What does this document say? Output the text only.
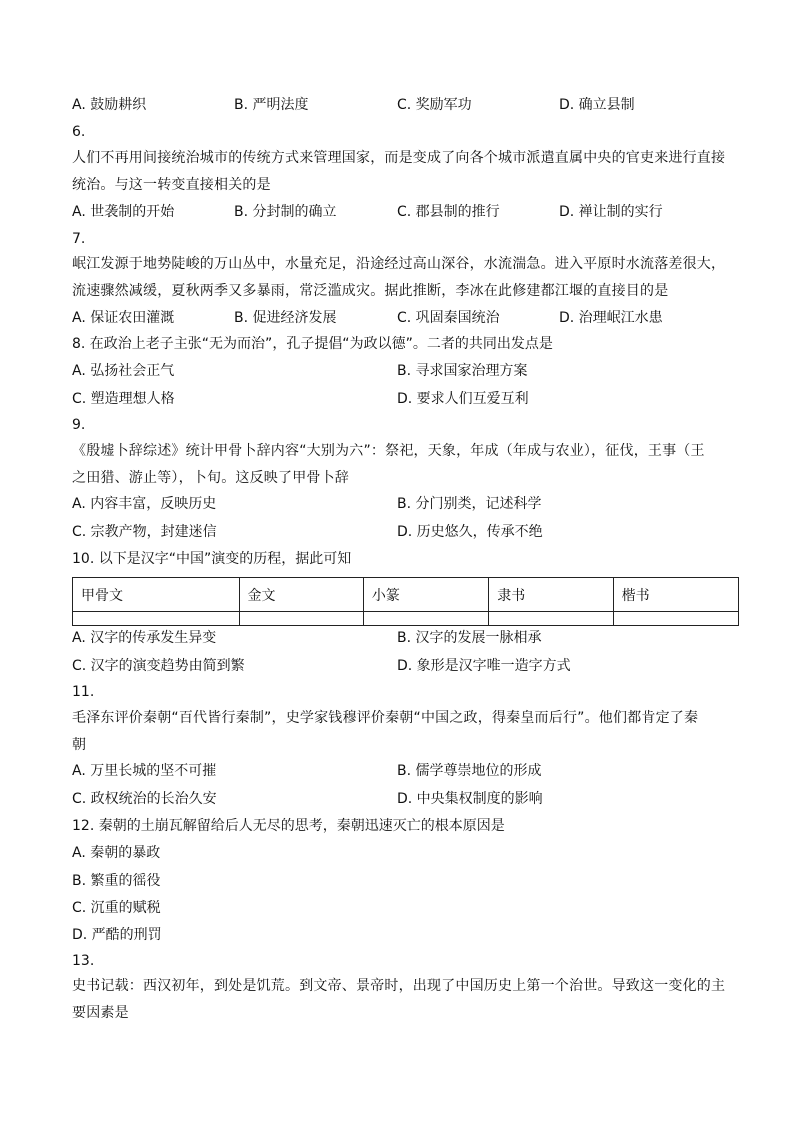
A. 鼓励耕织	B. 严明法度	C. 奖励军功	D. 确立县制
6.
人们不再用间接统治城市的传统方式来管理国家，而是变成了向各个城市派遣直属中央的官吏来进行直接
统治。与这一转变直接相关的是
A. 世袭制的开始	B. 分封制的确立	C. 郡县制的推行	D. 禅让制的实行
7.
岷江发源于地势陡峻的万山丛中，水量充足，沿途经过高山深谷，水流湍急。进入平原时水流落差很大，
流速骤然减缓，夏秋两季又多暴雨，常泛滥成灾。据此推断，李冰在此修建都江堰的直接目的是
A. 保证农田灌溉	B. 促进经济发展	C. 巩固秦国统治	D. 治理岷江水患
8. 在政治上老子主张“无为而治”，孔子提倡“为政以德”。二者的共同出发点是
A. 弘扬社会正气	B. 寻求国家治理方案
C. 塑造理想人格	D. 要求人们互爱互利
9.
《殷墟卜辞综述》统计甲骨卜辞内容“大别为六”：祭祀，天象，年成（年成与农业），征伐，王事（王
之田猎、游止等），卜旬。这反映了甲骨卜辞
A. 内容丰富，反映历史	B. 分门别类，记述科学
C. 宗教产物，封建迷信	D. 历史悠久，传承不绝
10. 以下是汉字“中国”演变的历程，据此可知
甲骨文	金文	小篆	隶书	楷书

A. 汉字的传承发生异变	B. 汉字的发展一脉相承
C. 汉字的演变趋势由简到繁	D. 象形是汉字唯一造字方式
11.
毛泽东评价秦朝“百代皆行秦制”，史学家钱穆评价秦朝“中国之政，得秦皇而后行”。他们都肯定了秦
朝
A. 万里长城的坚不可摧	B. 儒学尊崇地位的形成
C. 政权统治的长治久安	D. 中央集权制度的影响
12. 秦朝的土崩瓦解留给后人无尽的思考，秦朝迅速灭亡的根本原因是
A. 秦朝的暴政
B. 繁重的徭役
C. 沉重的赋税
D. 严酷的刑罚
13.
史书记载：西汉初年，到处是饥荒。到文帝、景帝时，出现了中国历史上第一个治世。导致这一变化的主
要因素是
